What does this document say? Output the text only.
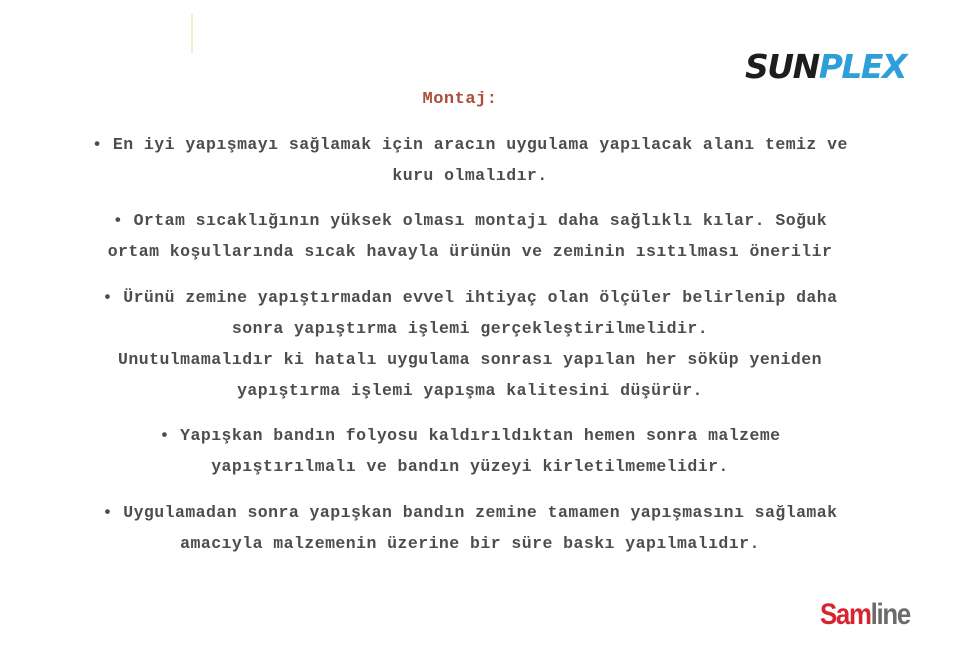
SUN PLEX
Montaj:
• En iyi yapışmayı sağlamak için aracın uygulama yapılacak alanı temiz ve
kuru olmalıdır.
• Ortam sıcaklığının yüksek olması montajı daha sağlıklı kılar. Soğuk
ortam koşullarında sıcak havayla ürünün ve zeminin ısıtılması önerilir
• Ürünü zemine yapıştırmadan evvel ihtiyaç olan ölçüler belirlenip daha
sonra yapıştırma işlemi gerçekleştirilmelidir.
Unutulmamalıdır ki hatalı uygulama sonrası yapılan her söküp yeniden
yapıştırma işlemi yapışma kalitesini düşürür.
• Yapışkan bandın folyosu kaldırıldıktan hemen sonra malzeme
yapıştırılmalı ve bandın yüzeyi kirletilmemelidir.
• Uygulamadan sonra yapışkan bandın zemine tamamen yapışmasını sağlamak
amacıyla malzemenin üzerine bir süre baskı yapılmalıdır.
Samline
